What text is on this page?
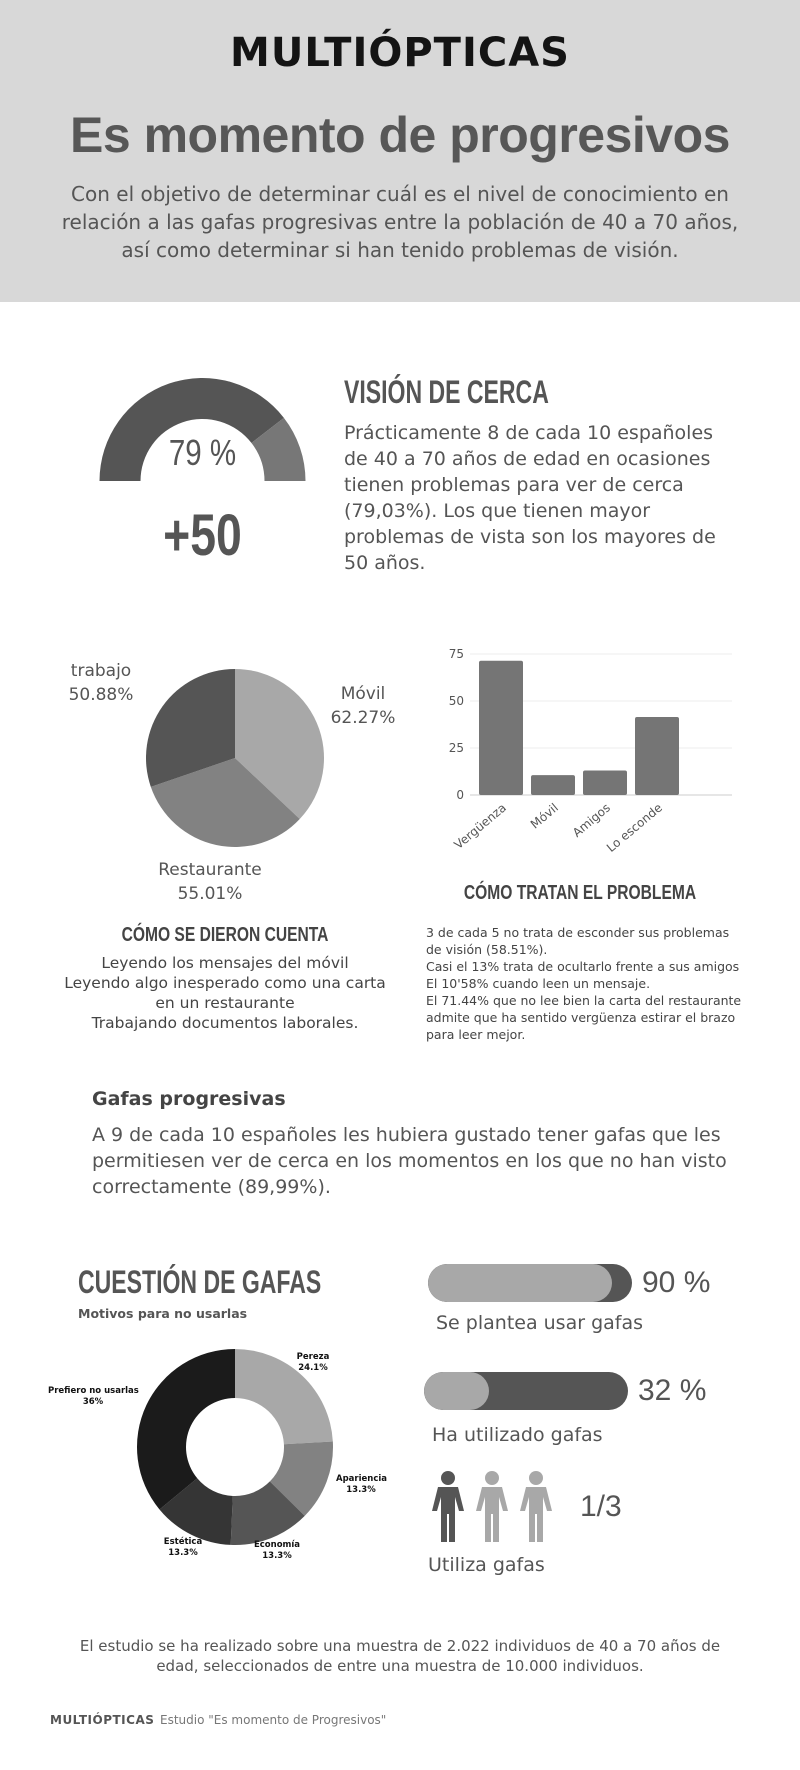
MULTIÓPTICAS
Es momento de progresivos
Con el objetivo de determinar cuál es el nivel de conocimiento en relación a las gafas progresivas entre la población de 40 a 70 años, así como determinar si han tenido problemas de visión.
79 %
+50
VISIÓN DE CERCA
Prácticamente 8 de cada 10 españoles de 40 a 70 años de edad en ocasiones tienen problemas para ver de cerca (79,03%). Los que tienen mayor problemas de vista son los mayores de 50 años.
Móvil
62.27%
Restaurante
55.01%
trabajo
50.88%
CÓMO SE DIERON CUENTA
Leyendo los mensajes del móvil
Leyendo algo inesperado como una carta en un restaurante
Trabajando documentos laborales.
0
25
50
75
Vergüenza Móvil Amigos
Lo esconde
CÓMO TRATAN EL PROBLEMA
3 de cada 5 no trata de esconder sus problemas de visión (58.51%).
Casi el 13% trata de ocultarlo frente a sus amigos
El 10'58% cuando leen un mensaje.
El 71.44% que no lee bien la carta del restaurante admite que ha sentido vergüenza estirar el brazo para leer mejor.
Gafas progresivas
A 9 de cada 10 españoles les hubiera gustado tener gafas que les permitiesen ver de cerca en los momentos en los que no han visto correctamente (89,99%).
CUESTIÓN DE GAFAS
Motivos para no usarlas
Pereza
24.1%
Apariencia
13.3%
Economía
13.3%
Estética
13.3%
Prefiero no usarlas
36%
90 %
Se plantea usar gafas
32 %
Ha utilizado gafas
1/3
Utiliza gafas
El estudio se ha realizado sobre una muestra de 2.022 individuos de 40 a 70 años de edad, seleccionados de entre una muestra de 10.000 individuos.
MULTIÓPTICAS Estudio "Es momento de Progresivos"
